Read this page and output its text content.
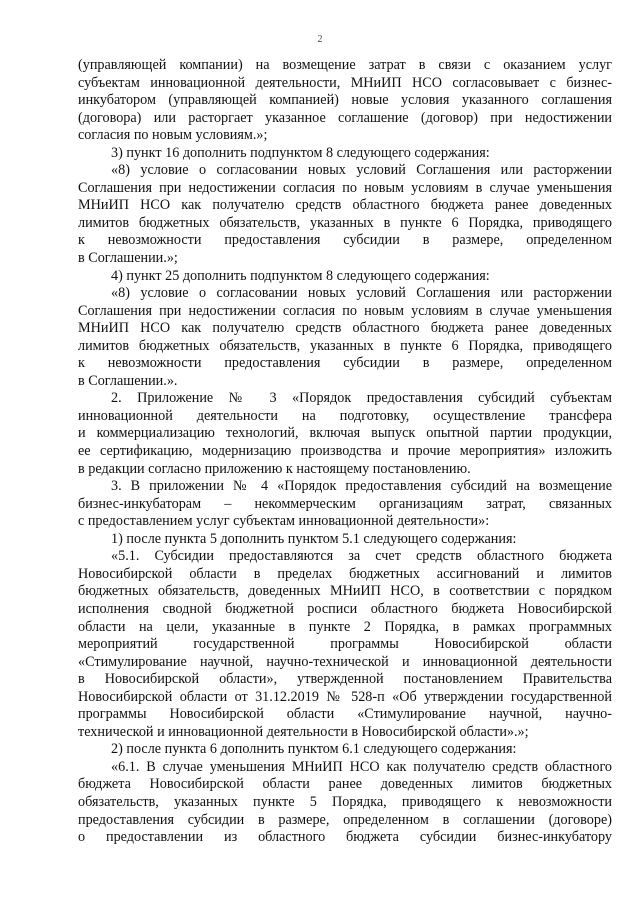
2
(управляющей компании) на возмещение затрат в связи с оказанием услуг
субъектам инновационной деятельности, МНиИП НСО согласовывает с бизнес-
инкубатором (управляющей компанией) новые условия указанного соглашения
(договора) или расторгает указанное соглашение (договор) при недостижении
согласия по новым условиям.»;
3) пункт 16 дополнить подпунктом 8 следующего содержания:
«8) условие о согласовании новых условий Соглашения или расторжении
Соглашения при недостижении согласия по новым условиям в случае уменьшения
МНиИП НСО как получателю средств областного бюджета ранее доведенных
лимитов бюджетных обязательств, указанных в пункте 6 Порядка, приводящего
к невозможности предоставления субсидии в размере, определенном
в Соглашении.»;
4) пункт 25 дополнить подпунктом 8 следующего содержания:
«8) условие о согласовании новых условий Соглашения или расторжении
Соглашения при недостижении согласия по новым условиям в случае уменьшения
МНиИП НСО как получателю средств областного бюджета ранее доведенных
лимитов бюджетных обязательств, указанных в пункте 6 Порядка, приводящего
к невозможности предоставления субсидии в размере, определенном
в Соглашении.».
2. Приложение № 3 «Порядок предоставления субсидий субъектам
инновационной деятельности на подготовку, осуществление трансфера
и коммерциализацию технологий, включая выпуск опытной партии продукции,
ее сертификацию, модернизацию производства и прочие мероприятия» изложить
в редакции согласно приложению к настоящему постановлению.
3. В приложении № 4 «Порядок предоставления субсидий на возмещение
бизнес-инкубаторам – некоммерческим организациям затрат, связанных
с предоставлением услуг субъектам инновационной деятельности»:
1) после пункта 5 дополнить пунктом 5.1 следующего содержания:
«5.1. Субсидии предоставляются за счет средств областного бюджета
Новосибирской области в пределах бюджетных ассигнований и лимитов
бюджетных обязательств, доведенных МНиИП НСО, в соответствии с порядком
исполнения сводной бюджетной росписи областного бюджета Новосибирской
области на цели, указанные в пункте 2 Порядка, в рамках программных
мероприятий государственной программы Новосибирской области
«Стимулирование научной, научно-технической и инновационной деятельности
в Новосибирской области», утвержденной постановлением Правительства
Новосибирской области от 31.12.2019 № 528-п «Об утверждении государственной
программы Новосибирской области «Стимулирование научной, научно-
технической и инновационной деятельности в Новосибирской области».»;
2) после пункта 6 дополнить пунктом 6.1 следующего содержания:
«6.1. В случае уменьшения МНиИП НСО как получателю средств областного
бюджета Новосибирской области ранее доведенных лимитов бюджетных
обязательств, указанных пункте 5 Порядка, приводящего к невозможности
предоставления субсидии в размере, определенном в соглашении (договоре)
о предоставлении из областного бюджета субсидии бизнес-инкубатору
